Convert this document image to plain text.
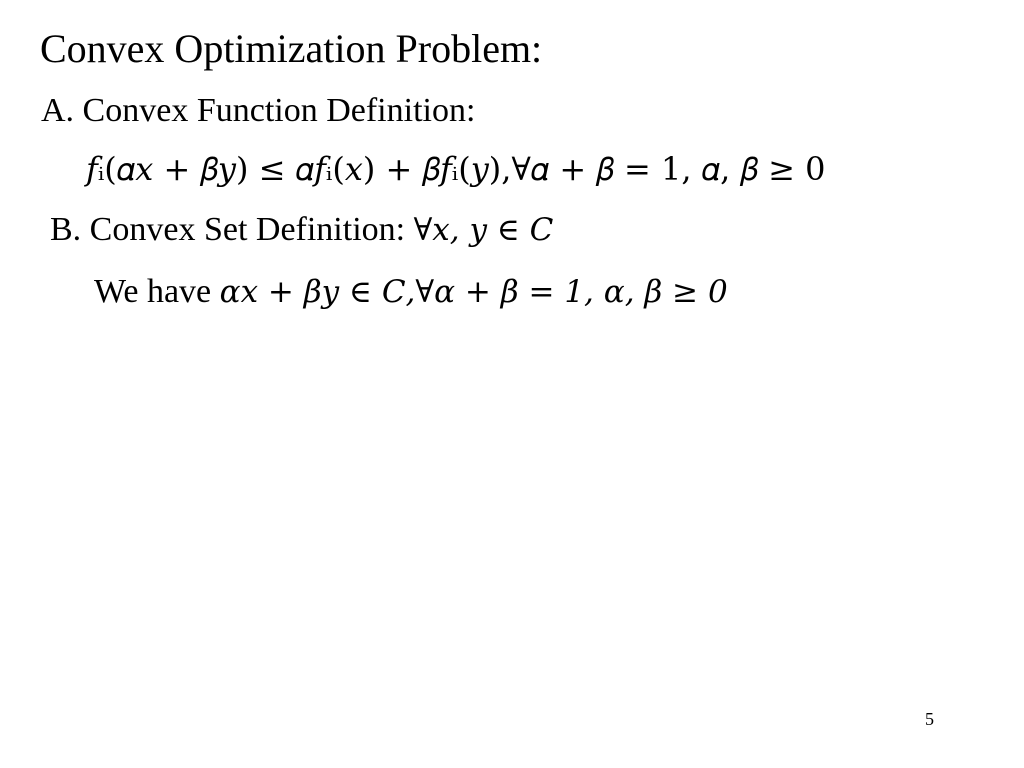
Convex Optimization Problem:
A. Convex Function Definition:
𝑓ᵢ(𝛼𝑥 + 𝛽𝑦) ≤ 𝛼𝑓ᵢ(𝑥) + 𝛽𝑓ᵢ(𝑦),∀𝛼 + 𝛽 = 1, 𝛼, 𝛽 ≥ 0
B. Convex Set Definition: ∀𝑥, 𝑦 ∈ 𝐶
We have 𝛼𝑥 + 𝛽𝑦 ∈ 𝐶,∀𝛼 + 𝛽 = 1, 𝛼, 𝛽 ≥ 0
5
